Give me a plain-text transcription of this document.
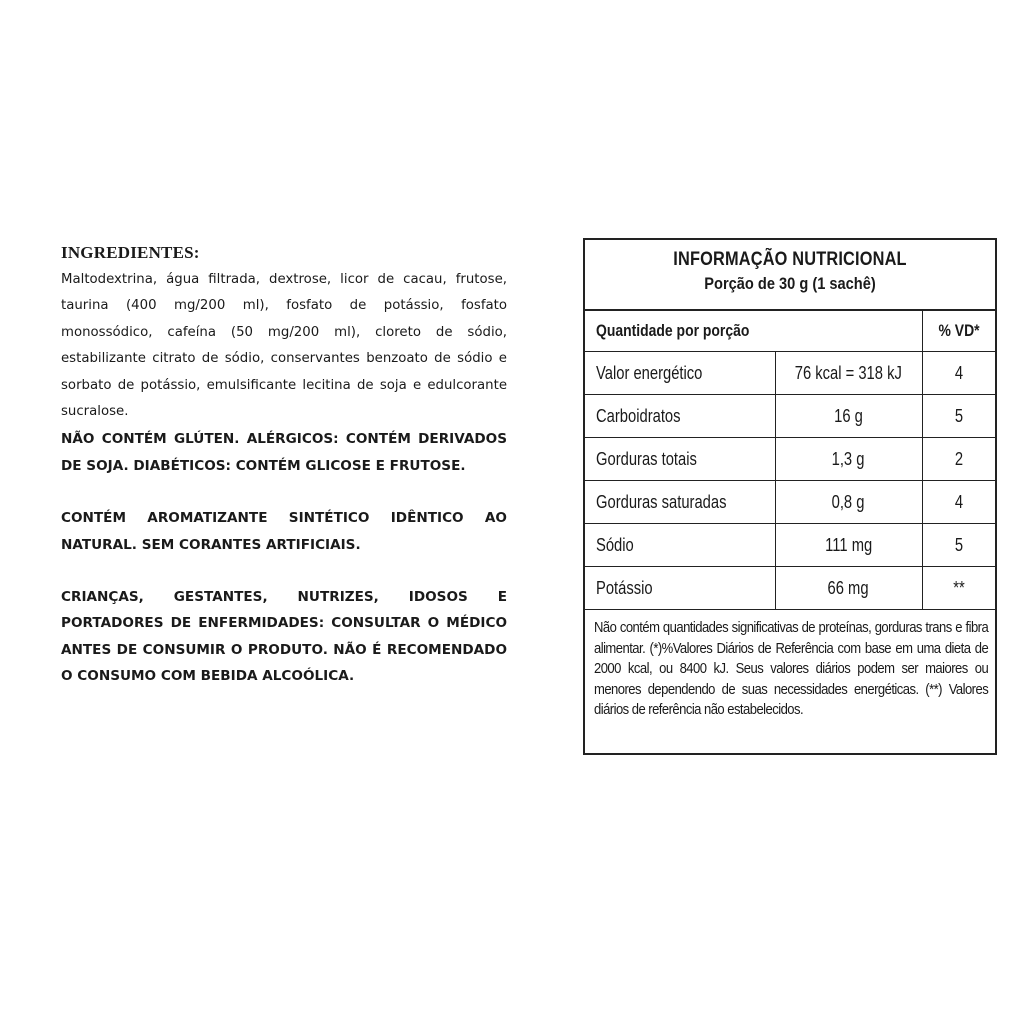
INGREDIENTES:

Maltodextrina, água filtrada, dextrose, licor de cacau, frutose, taurina (400 mg/200 ml), fosfato de potássio, fosfato monossódico, cafeína (50 mg/200 ml), cloreto de sódio, estabilizante citrato de sódio, conservantes benzoato de sódio e sorbato de potássio, emulsificante lecitina de soja e edulcorante sucralose.

NÃO CONTÉM GLÚTEN. ALÉRGICOS: CONTÉM DERIVADOS DE SOJA. DIABÉTICOS: CONTÉM GLICOSE E FRUTOSE.

CONTÉM AROMATIZANTE SINTÉTICO IDÊNTICO AO NATURAL. SEM CORANTES ARTIFICIAIS.

CRIANÇAS, GESTANTES, NUTRIZES, IDOSOS E PORTADORES DE ENFERMIDADES: CONSULTAR O MÉDICO ANTES DE CONSUMIR O PRODUTO. NÃO É RECOMENDADO O CONSUMO COM BEBIDA ALCOÓLICA.

INFORMAÇÃO NUTRICIONAL
Porção de 30 g (1 sachê)
Quantidade por porção		% VD*
Valor energético	76 kcal = 318 kJ	4
Carboidratos	16 g	5
Gorduras totais	1,3 g	2
Gorduras saturadas	0,8 g	4
Sódio	111 mg	5
Potássio	66 mg	**
Não contém quantidades significativas de proteínas, gorduras trans e fibra alimentar. (*)%Valores Diários de Referência com base em uma dieta de 2000 kcal, ou 8400 kJ. Seus valores diários podem ser maiores ou menores dependendo de suas necessidades energéticas. (**) Valores diários de referência não estabelecidos.
